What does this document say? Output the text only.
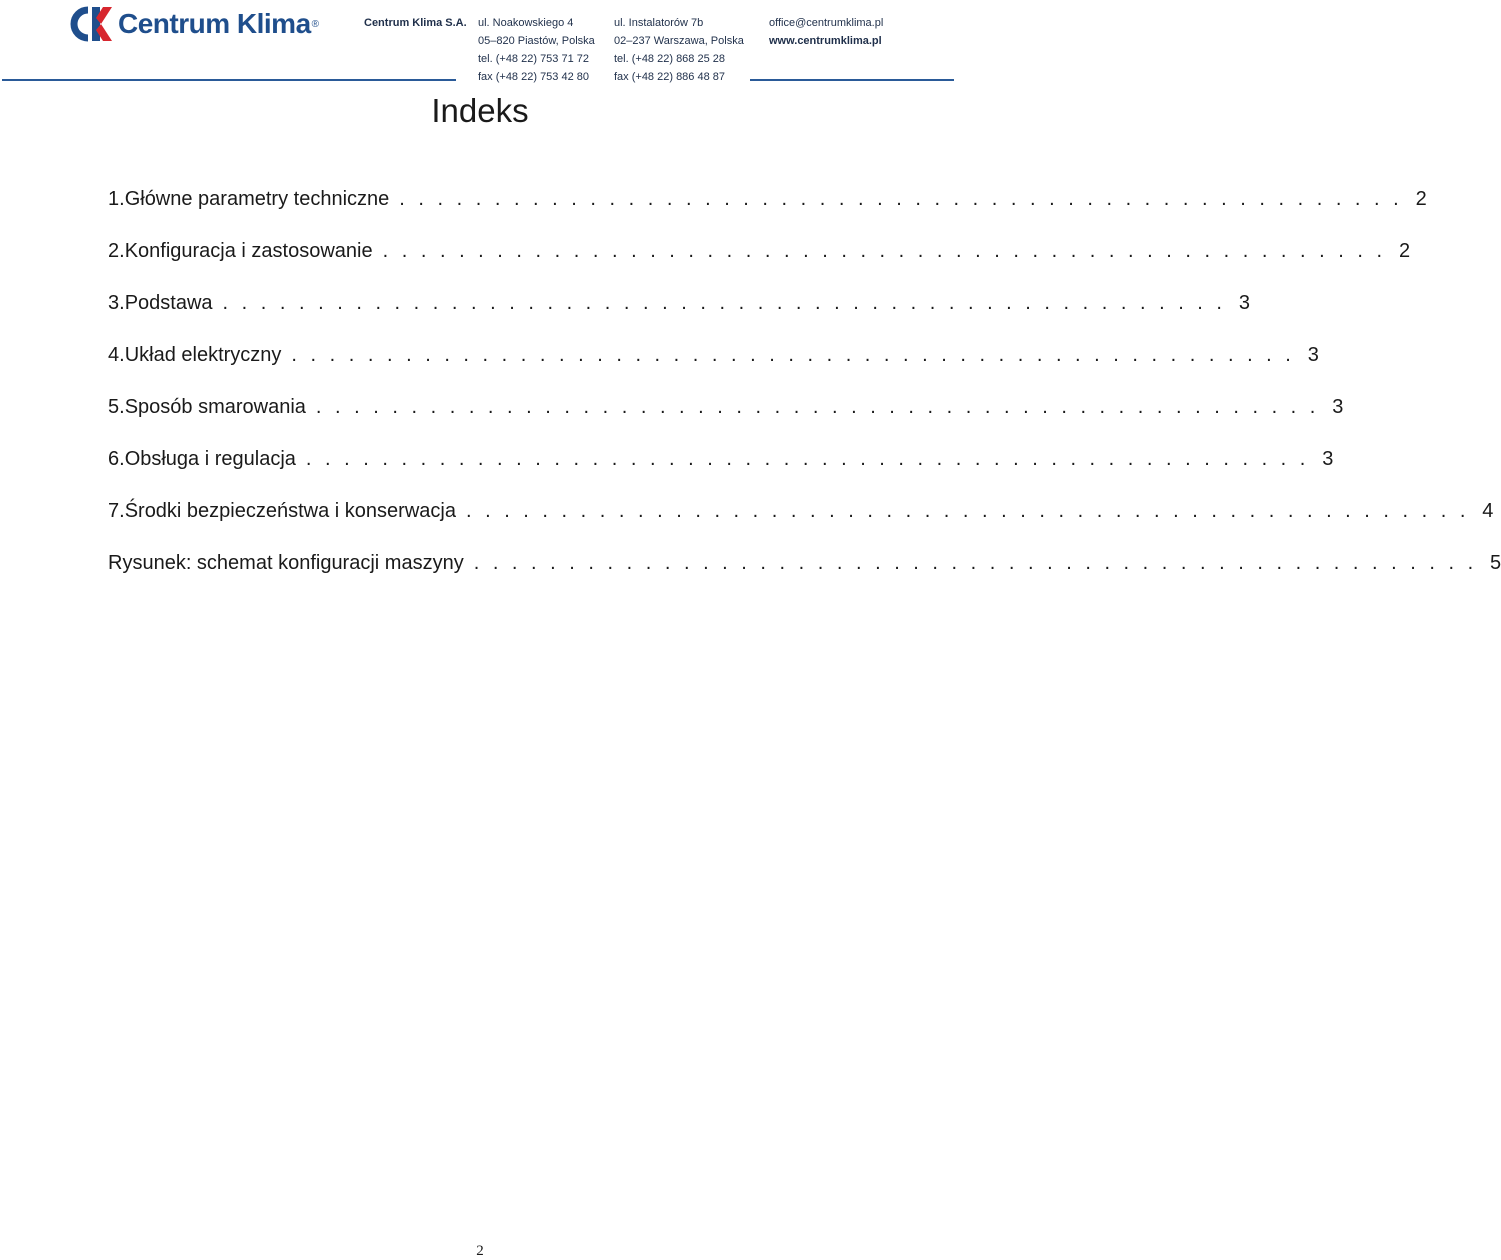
Centrum Klima ®	Centrum Klima S.A. ul. Noakowskiego 4
05–820 Piastów, Polska
tel. (+48 22) 753 71 72
fax (+48 22) 753 42 80
ul. Instalatorów 7b
02–237 Warszawa, Polska
tel. (+48 22) 868 25 28
fax (+48 22) 886 48 87
office@centrumklima.pl
www.centrumklima.pl
Indeks
1. Główne parametry techniczne . . . . . . . . . . . . . . . . . . . . . . . . . . . . . . . . . . . . . . . . . . . . . . . . . . . . . 2
2. Konfiguracja i zastosowanie . . . . . . . . . . . . . . . . . . . . . . . . . . . . . . . . . . . . . . . . . . . . . . . . . . . . . 2
3. Podstawa . . . . . . . . . . . . . . . . . . . . . . . . . . . . . . . . . . . . . . . . . . . . . . . . . . . . . 3
4. Układ elektryczny . . . . . . . . . . . . . . . . . . . . . . . . . . . . . . . . . . . . . . . . . . . . . . . . . . . . . 3
5. Sposób smarowania . . . . . . . . . . . . . . . . . . . . . . . . . . . . . . . . . . . . . . . . . . . . . . . . . . . . . 3
6. Obsługa i regulacja . . . . . . . . . . . . . . . . . . . . . . . . . . . . . . . . . . . . . . . . . . . . . . . . . . . . . 3
7. Środki bezpieczeństwa i konserwacja . . . . . . . . . . . . . . . . . . . . . . . . . . . . . . . . . . . . . . . . . . . . . . . . . . . . . 4
Rysunek: schemat konfiguracji maszyny . . . . . . . . . . . . . . . . . . . . . . . . . . . . . . . . . . . . . . . . . . . . . . . . . . . . . 5
2
